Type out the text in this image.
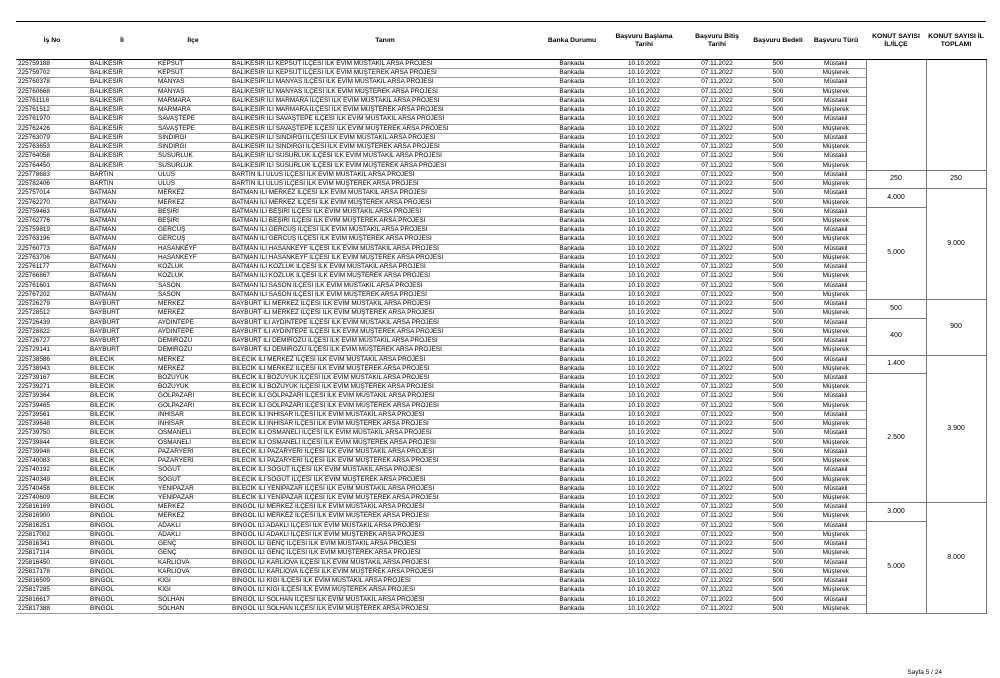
İş No	İl	İlçe	Tanım	Banka Durumu	Başvuru Başlama Tarihi	Başvuru Bitiş Tarihi	Başvuru Bedeli	Başvuru Türü	KONUT SAYISI İL/İLÇE	KONUT SAYISI İL TOPLAMI
225759188	BALIKESİR	KEPSUT	BALIKESİR İLİ KEPSUT İLÇESİ İLK EVİM MÜSTAKİL ARSA PROJESİ	Bankada	10.10.2022	07.11.2022	500	Müstakil		
225759702	BALIKESİR	KEPSUT	BALIKESİR İLİ KEPSUT İLÇESİ İLK EVİM MÜŞTEREK ARSA PROJESİ	Bankada	10.10.2022	07.11.2022	500	Müşterek		
225760378	BALIKESİR	MANYAS	BALIKESİR İLİ MANYAS İLÇESİ İLK EVİM MÜSTAKİL ARSA PROJESİ	Bankada	10.10.2022	07.11.2022	500	Müstakil		
225760668	BALIKESİR	MANYAS	BALIKESİR İLİ MANYAS İLÇESİ İLK EVİM MÜŞTEREK ARSA PROJESİ	Bankada	10.10.2022	07.11.2022	500	Müşterek		
225761118	BALIKESİR	MARMARA	BALIKESİR İLİ MARMARA İLÇESİ İLK EVİM MÜSTAKİL ARSA PROJESİ	Bankada	10.10.2022	07.11.2022	500	Müstakil		
225761512	BALIKESİR	MARMARA	BALIKESİR İLİ MARMARA İLÇESİ İLK EVİM MÜŞTEREK ARSA PROJESİ	Bankada	10.10.2022	07.11.2022	500	Müşterek		
225761970	BALIKESİR	SAVAŞTEPE	BALIKESİR İLİ SAVAŞTEPE İLÇESİ İLK EVİM MÜSTAKİL ARSA PROJESİ	Bankada	10.10.2022	07.11.2022	500	Müstakil		
225762426	BALIKESİR	SAVAŞTEPE	BALIKESİR İLİ SAVAŞTEPE İLÇESİ İLK EVİM MÜŞTEREK ARSA PROJESİ	Bankada	10.10.2022	07.11.2022	500	Müşterek		
225763079	BALIKESİR	SINDIRGI	BALIKESİR İLİ SINDIRGI İLÇESİ İLK EVİM MÜSTAKİL ARSA PROJESİ	Bankada	10.10.2022	07.11.2022	500	Müstakil		
225763653	BALIKESİR	SINDIRGI	BALIKESİR İLİ SINDIRGI İLÇESİ İLK EVİM MÜŞTEREK ARSA PROJESİ	Bankada	10.10.2022	07.11.2022	500	Müşterek		
225764058	BALIKESİR	SUSURLUK	BALIKESİR İLİ SUSURLUK İLÇESİ İLK EVİM MÜSTAKİL ARSA PROJESİ	Bankada	10.10.2022	07.11.2022	500	Müstakil		
225764450	BALIKESİR	SUSURLUK	BALIKESİR İLİ SUSURLUK İLÇESİ İLK EVİM MÜŞTEREK ARSA PROJESİ	Bankada	10.10.2022	07.11.2022	500	Müşterek		
225778683	BARTIN	ULUS	BARTIN İLİ ULUS İLÇESİ İLK EVİM MÜSTAKİL ARSA PROJESİ	Bankada	10.10.2022	07.11.2022	500	Müstakil	250	250
225782406	BARTIN	ULUS	BARTIN İLİ ULUS İLÇESİ İLK EVİM MÜŞTEREK ARSA PROJESİ	Bankada	10.10.2022	07.11.2022	500	Müşterek		
225757014	BATMAN	MERKEZ	BATMAN İLİ MERKEZ İLÇESİ İLK EVİM MÜSTAKİL ARSA PROJESİ	Bankada	10.10.2022	07.11.2022	500	Müstakil	4.000	9.000
225762270	BATMAN	MERKEZ	BATMAN İLİ MERKEZ İLÇESİ İLK EVİM MÜŞTEREK ARSA PROJESİ	Bankada	10.10.2022	07.11.2022	500	Müşterek		
225759463	BATMAN	BEŞİRİ	BATMAN İLİ BEŞİRİ İLÇESİ İLK EVİM MÜSTAKİL ARSA PROJESİ	Bankada	10.10.2022	07.11.2022	500	Müstakil	5.000	
225762776	BATMAN	BEŞİRİ	BATMAN İLİ BEŞİRİ İLÇESİ İLK EVİM MÜŞTEREK ARSA PROJESİ	Bankada	10.10.2022	07.11.2022	500	Müşterek		
225759819	BATMAN	GERCÜŞ	BATMAN İLİ GERCÜŞ İLÇESİ İLK EVİM MÜSTAKİL ARSA PROJESİ	Bankada	10.10.2022	07.11.2022	500	Müstakil		
225763196	BATMAN	GERCÜŞ	BATMAN İLİ GERCÜŞ İLÇESİ İLK EVİM MÜŞTEREK ARSA PROJESİ	Bankada	10.10.2022	07.11.2022	500	Müşterek		
225760773	BATMAN	HASANKEYF	BATMAN İLİ HASANKEYF İLÇESİ İLK EVİM MÜSTAKİL ARSA PROJESİ	Bankada	10.10.2022	07.11.2022	500	Müstakil		
225763706	BATMAN	HASANKEYF	BATMAN İLİ HASANKEYF İLÇESİ İLK EVİM MÜŞTEREK ARSA PROJESİ	Bankada	10.10.2022	07.11.2022	500	Müşterek		
225761177	BATMAN	KOZLUK	BATMAN İLİ KOZLUK İLÇESİ İLK EVİM MÜSTAKİL ARSA PROJESİ	Bankada	10.10.2022	07.11.2022	500	Müstakil		
225766867	BATMAN	KOZLUK	BATMAN İLİ KOZLUK İLÇESİ İLK EVİM MÜŞTEREK ARSA PROJESİ	Bankada	10.10.2022	07.11.2022	500	Müşterek		
225761601	BATMAN	SASON	BATMAN İLİ SASON İLÇESİ İLK EVİM MÜSTAKİL ARSA PROJESİ	Bankada	10.10.2022	07.11.2022	500	Müstakil		
225767202	BATMAN	SASON	BATMAN İLİ SASON İLÇESİ İLK EVİM MÜŞTEREK ARSA PROJESİ	Bankada	10.10.2022	07.11.2022	500	Müşterek		
225726279	BAYBURT	MERKEZ	BAYBURT İLİ MERKEZ İLÇESİ İLK EVİM MÜSTAKİL ARSA PROJESİ	Bankada	10.10.2022	07.11.2022	500	Müstakil	500	900
225728512	BAYBURT	MERKEZ	BAYBURT İLİ MERKEZ İLÇESİ İLK EVİM MÜŞTEREK ARSA PROJESİ	Bankada	10.10.2022	07.11.2022	500	Müşterek		
225726439	BAYBURT	AYDINTEPE	BAYBURT İLİ AYDINTEPE İLÇESİ İLK EVİM MÜSTAKİL ARSA PROJESİ	Bankada	10.10.2022	07.11.2022	500	Müstakil	400	
225728822	BAYBURT	AYDINTEPE	BAYBURT İLİ AYDINTEPE İLÇESİ İLK EVİM MÜŞTEREK ARSA PROJESİ	Bankada	10.10.2022	07.11.2022	500	Müşterek		
225726727	BAYBURT	DEMİRÖZÜ	BAYBURT İLİ DEMİRÖZÜ İLÇESİ İLK EVİM MÜSTAKİL ARSA PROJESİ	Bankada	10.10.2022	07.11.2022	500	Müstakil		
225729141	BAYBURT	DEMİRÖZÜ	BAYBURT İLİ DEMİRÖZÜ İLÇESİ İLK EVİM MÜŞTEREK ARSA PROJESİ	Bankada	10.10.2022	07.11.2022	500	Müşterek		
225738586	BİLECİK	MERKEZ	BİLECİK İLİ MERKEZ İLÇESİ İLK EVİM MÜSTAKİL ARSA PROJESİ	Bankada	10.10.2022	07.11.2022	500	Müstakil	1.400	3.900
225738943	BİLECİK	MERKEZ	BİLECİK İLİ MERKEZ İLÇESİ İLK EVİM MÜŞTEREK ARSA PROJESİ	Bankada	10.10.2022	07.11.2022	500	Müşterek		
225739167	BİLECİK	BOZÜYÜK	BİLECİK İLİ BOZÜYÜK İLÇESİ İLK EVİM MÜSTAKİL ARSA PROJESİ	Bankada	10.10.2022	07.11.2022	500	Müstakil	2.500	
225739271	BİLECİK	BOZÜYÜK	BİLECİK İLİ BOZÜYÜK İLÇESİ İLK EVİM MÜŞTEREK ARSA PROJESİ	Bankada	10.10.2022	07.11.2022	500	Müşterek		
225739364	BİLECİK	GÖLPAZARI	BİLECİK İLİ GÖLPAZARI İLÇESİ İLK EVİM MÜSTAKİL ARSA PROJESİ	Bankada	10.10.2022	07.11.2022	500	Müstakil		
225739465	BİLECİK	GÖLPAZARI	BİLECİK İLİ GÖLPAZARI İLÇESİ İLK EVİM MÜŞTEREK ARSA PROJESİ	Bankada	10.10.2022	07.11.2022	500	Müşterek		
225739561	BİLECİK	İNHİSAR	BİLECİK İLİ İNHİSAR İLÇESİ İLK EVİM MÜSTAKİL ARSA PROJESİ	Bankada	10.10.2022	07.11.2022	500	Müstakil		
225739648	BİLECİK	İNHİSAR	BİLECİK İLİ İNHİSAR İLÇESİ İLK EVİM MÜŞTEREK ARSA PROJESİ	Bankada	10.10.2022	07.11.2022	500	Müşterek		
225739750	BİLECİK	OSMANELİ	BİLECİK İLİ OSMANELİ İLÇESİ İLK EVİM MÜSTAKİL ARSA PROJESİ	Bankada	10.10.2022	07.11.2022	500	Müstakil		
225739844	BİLECİK	OSMANELİ	BİLECİK İLİ OSMANELİ İLÇESİ İLK EVİM MÜŞTEREK ARSA PROJESİ	Bankada	10.10.2022	07.11.2022	500	Müşterek		
225739948	BİLECİK	PAZARYERİ	BİLECİK İLİ PAZARYERİ İLÇESİ İLK EVİM MÜSTAKİL ARSA PROJESİ	Bankada	10.10.2022	07.11.2022	500	Müstakil		
225740083	BİLECİK	PAZARYERİ	BİLECİK İLİ PAZARYERİ İLÇESİ İLK EVİM MÜŞTEREK ARSA PROJESİ	Bankada	10.10.2022	07.11.2022	500	Müşterek		
225740192	BİLECİK	SÖĞÜT	BİLECİK İLİ SÖĞÜT İLÇESİ İLK EVİM MÜSTAKİL ARSA PROJESİ	Bankada	10.10.2022	07.11.2022	500	Müstakil		
225740349	BİLECİK	SÖĞÜT	BİLECİK İLİ SÖĞÜT İLÇESİ İLK EVİM MÜŞTEREK ARSA PROJESİ	Bankada	10.10.2022	07.11.2022	500	Müşterek		
225740458	BİLECİK	YENİPAZAR	BİLECİK İLİ YENİPAZAR İLÇESİ İLK EVİM MÜSTAKİL ARSA PROJESİ	Bankada	10.10.2022	07.11.2022	500	Müstakil		
225740609	BİLECİK	YENİPAZAR	BİLECİK İLİ YENİPAZAR İLÇESİ İLK EVİM MÜŞTEREK ARSA PROJESİ	Bankada	10.10.2022	07.11.2022	500	Müşterek		
225816169	BİNGÖL	MERKEZ	BİNGÖL İLİ MERKEZ İLÇESİ İLK EVİM MÜSTAKİL ARSA PROJESİ	Bankada	10.10.2022	07.11.2022	500	Müstakil	3.000	8.000
225816900	BİNGÖL	MERKEZ	BİNGÖL İLİ MERKEZ İLÇESİ İLK EVİM MÜŞTEREK ARSA PROJESİ	Bankada	10.10.2022	07.11.2022	500	Müşterek		
225816251	BİNGÖL	ADAKLI	BİNGÖL İLİ ADAKLI İLÇESİ İLK EVİM MÜSTAKİL ARSA PROJESİ	Bankada	10.10.2022	07.11.2022	500	Müstakil	5.000	
225817002	BİNGÖL	ADAKLI	BİNGÖL İLİ ADAKLI İLÇESİ İLK EVİM MÜŞTEREK ARSA PROJESİ	Bankada	10.10.2022	07.11.2022	500	Müşterek		
225816341	BİNGÖL	GENÇ	BİNGÖL İLİ GENÇ İLÇESİ İLK EVİM MÜSTAKİL ARSA PROJESİ	Bankada	10.10.2022	07.11.2022	500	Müstakil		
225817114	BİNGÖL	GENÇ	BİNGÖL İLİ GENÇ İLÇESİ İLK EVİM MÜŞTEREK ARSA PROJESİ	Bankada	10.10.2022	07.11.2022	500	Müşterek		
225816450	BİNGÖL	KARLIOVA	BİNGÖL İLİ KARLIOVA İLÇESİ İLK EVİM MÜSTAKİL ARSA PROJESİ	Bankada	10.10.2022	07.11.2022	500	Müstakil		
225817178	BİNGÖL	KARLIOVA	BİNGÖL İLİ KARLIOVA İLÇESİ İLK EVİM MÜŞTEREK ARSA PROJESİ	Bankada	10.10.2022	07.11.2022	500	Müşterek		
225816509	BİNGÖL	KİĞI	BİNGÖL İLİ KİĞI İLÇESİ İLK EVİM MÜSTAKİL ARSA PROJESİ	Bankada	10.10.2022	07.11.2022	500	Müstakil		
225817285	BİNGÖL	KİĞI	BİNGÖL İLİ KİĞI İLÇESİ İLK EVİM MÜŞTEREK ARSA PROJESİ	Bankada	10.10.2022	07.11.2022	500	Müşterek		
225816617	BİNGÖL	SOLHAN	BİNGÖL İLİ SOLHAN İLÇESİ İLK EVİM MÜSTAKİL ARSA PROJESİ	Bankada	10.10.2022	07.11.2022	500	Müstakil		
225817388	BİNGÖL	SOLHAN	BİNGÖL İLİ SOLHAN İLÇESİ İLK EVİM MÜŞTEREK ARSA PROJESİ	Bankada	10.10.2022	07.11.2022	500	Müşterek		
Sayfa 5 / 24
